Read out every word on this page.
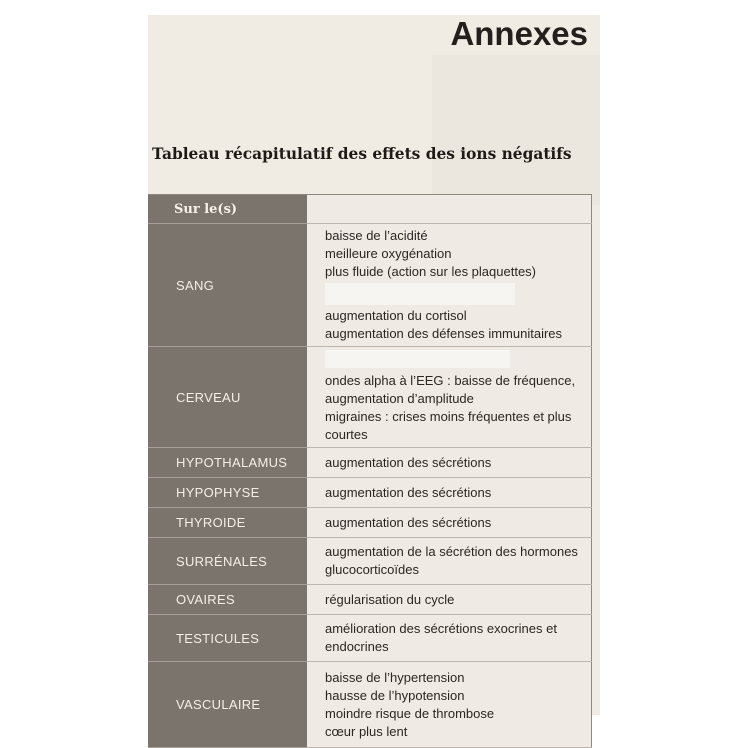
Annexes
Tableau récapitulatif des effets des ions négatifs
Sur le(s)	
SANG	baisse de l’acidité
meilleure oxygénation
plus fluide (action sur les plaquettes)
augmentation du cortisol
augmentation des défenses immunitaires

CERVEAU	ondes alpha à l’EEG : baisse de fréquence, augmentation d’amplitude
migraines : crises moins fréquentes et plus courtes

HYPOTHALAMUS	augmentation des sécrétions

HYPOPHYSE	augmentation des sécrétions

THYROIDE	augmentation des sécrétions

SURRÉNALES	augmentation de la sécrétion des hormones glucocorticoïdes

OVAIRES	régularisation du cycle

TESTICULES	amélioration des sécrétions exocrines et endocrines

VASCULAIRE	baisse de l’hypertension
hausse de l’hypotension
moindre risque de thrombose
cœur plus lent
